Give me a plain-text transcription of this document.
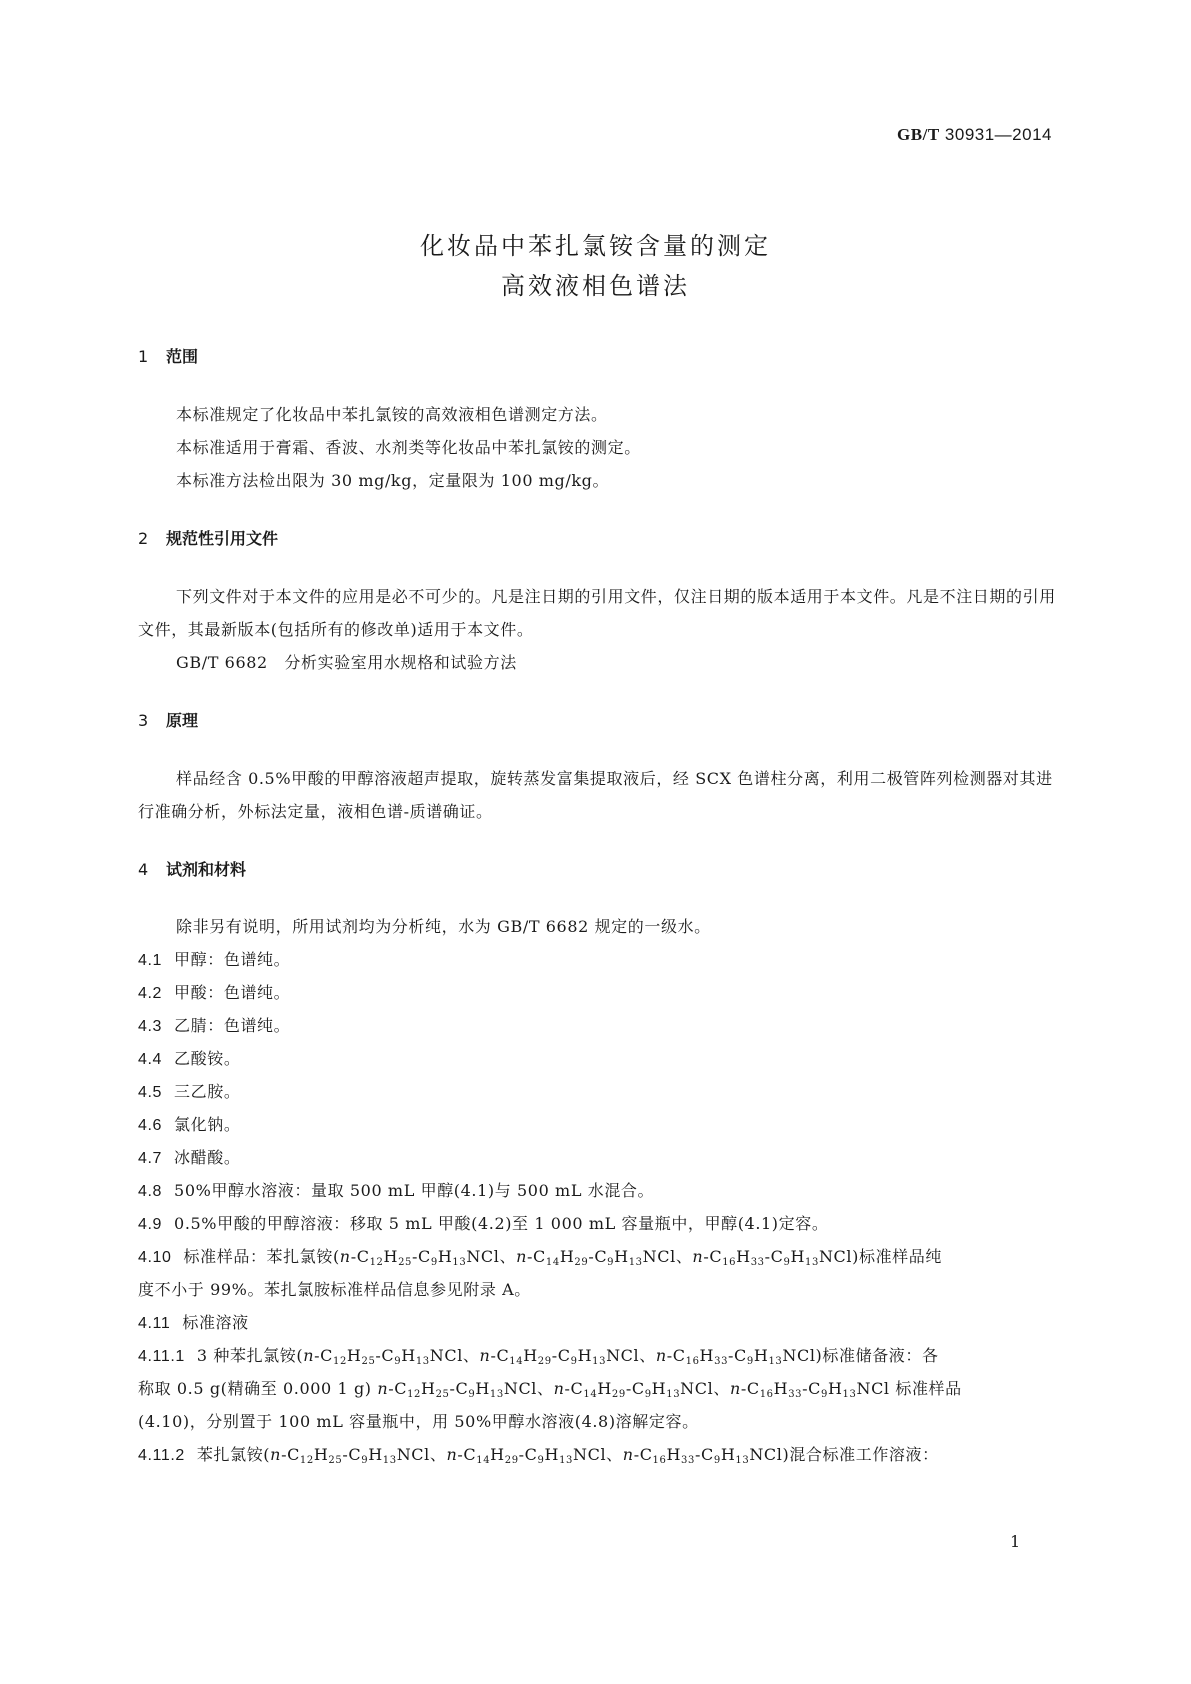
GB/T 30931—2014
化妆品中苯扎氯铵含量的测定
高效液相色谱法
1 范围
本标准规定了化妆品中苯扎氯铵的高效液相色谱测定方法。
本标准适用于膏霜、香波、水剂类等化妆品中苯扎氯铵的测定。
本标准方法检出限为 30 mg/kg，定量限为 100 mg/kg。
2 规范性引用文件
下列文件对于本文件的应用是必不可少的。凡是注日期的引用文件，仅注日期的版本适用于本文件。凡是不注日期的引用文件，其最新版本(包括所有的修改单)适用于本文件。
GB/T 6682　分析实验室用水规格和试验方法
3 原理
样品经含 0.5%甲酸的甲醇溶液超声提取，旋转蒸发富集提取液后，经 SCX 色谱柱分离，利用二极管阵列检测器对其进行准确分析，外标法定量，液相色谱-质谱确证。
4 试剂和材料
除非另有说明，所用试剂均为分析纯，水为 GB/T 6682 规定的一级水。
4.1 甲醇：色谱纯。
4.2 甲酸：色谱纯。
4.3 乙腈：色谱纯。
4.4 乙酸铵。
4.5 三乙胺。
4.6 氯化钠。
4.7 冰醋酸。
4.8 50%甲醇水溶液：量取 500 mL 甲醇(4.1)与 500 mL 水混合。
4.9 0.5%甲酸的甲醇溶液：移取 5 mL 甲酸(4.2)至 1 000 mL 容量瓶中，甲醇(4.1)定容。
4.10 标准样品：苯扎氯铵($n-C_{12}H_{25}-C_9H_{13}NCl$、$n-C_{14}H_{29}-C_9H_{13}NCl$、$n-C_{16}H_{33}-C_9H_{13}NCl$)标准样品纯
度不小于 99%。苯扎氯胺标准样品信息参见附录 A。
4.11 标准溶液
4.11.1 3 种苯扎氯铵($n-C_{12}H_{25}-C_9H_{13}NCl$、$n-C_{14}H_{29}-C_9H_{13}NCl$、$n-C_{16}H_{33}-C_9H_{13}NCl$)标准储备液：各
称取 0.5 g(精确至 0.000 1 g) $n-C_{12}H_{25}-C_9H_{13}NCl$、$n-C_{14}H_{29}-C_9H_{13}NCl$、$n-C_{16}H_{33}-C_9H_{13}NCl$ 标准样品
(4.10)，分别置于 100 mL 容量瓶中，用 50%甲醇水溶液(4.8)溶解定容。
4.11.2 苯扎氯铵($n-C_{12}H_{25}-C_9H_{13}NCl$、$n-C_{14}H_{29}-C_9H_{13}NCl$、$n-C_{16}H_{33}-C_9H_{13}NCl$)混合标准工作溶液：
1
